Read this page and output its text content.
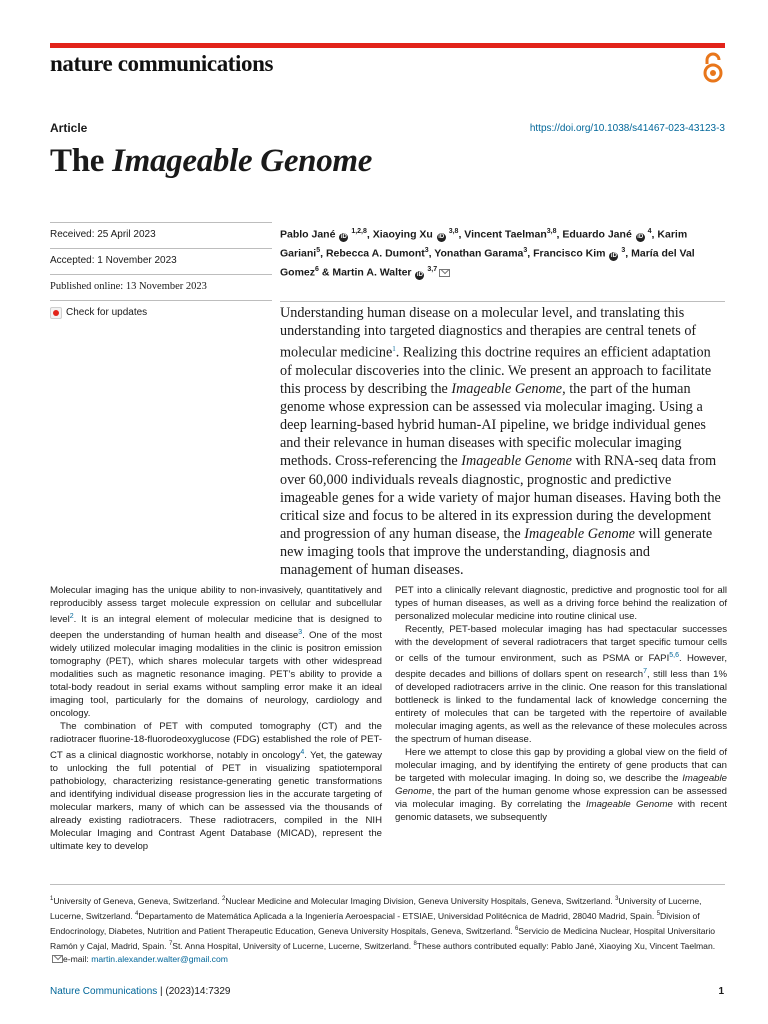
nature communications
Article	https://doi.org/10.1038/s41467-023-43123-3
The Imageable Genome
Received: 25 April 2023
Accepted: 1 November 2023
Published online: 13 November 2023
Check for updates
Pablo Jané iD $^{1,2,8}$, Xiaoying Xu iD $^{3,8}$, Vincent Taelman$^{3,8}$, Eduardo Jané iD $^4$, Karim Gariani$^5$, Rebecca A. Dumont$^3$, Yonathan Garama$^3$, Francisco Kim iD $^3$, María del Val Gomez$^6$ & Martin A. Walter iD $^{3,7}$

Understanding human disease on a molecular level, and translating this understanding into targeted diagnostics and therapies are central tenets of molecular medicine$^1$. Realizing this doctrine requires an efficient adaptation of molecular discoveries into the clinic. We present an approach to facilitate this process by describing the Imageable Genome, the part of the human genome whose expression can be assessed via molecular imaging. Using a deep learning-based hybrid human-AI pipeline, we bridge individual genes and their relevance in human diseases with specific molecular imaging methods. Cross-referencing the Imageable Genome with RNA-seq data from over 60,000 individuals reveals diagnostic, prognostic and predictive imageable genes for a wide variety of major human diseases. Having both the critical size and focus to be altered in its expression during the development and progression of any human disease, the Imageable Genome will generate new imaging tools that improve the understanding, diagnosis and management of human diseases.

Molecular imaging has the unique ability to non-invasively, quantitatively and reproducibly assess target molecule expression on cellular and subcellular level$^2$. It is an integral element of molecular medicine that is designed to deepen the understanding of human health and disease$^3$. One of the most widely utilized molecular imaging modalities in the clinic is positron emission tomography (PET), which shares molecular targets with other widespread modalities such as magnetic resonance imaging. PET’s ability to provide a total-body readout in serial exams without sampling error make it an ideal imaging tool, particularly for the domains of neurology, cardiology and oncology.

The combination of PET with computed tomography (CT) and the radiotracer fluorine-18-fluorodeoxyglucose (FDG) established the role of PET-CT as a clinical diagnostic workhorse, notably in oncology$^4$. Yet, the gateway to unlocking the full potential of PET in visualizing spatiotemporal pathobiology, characterizing resistance-generating genetic transformations and identifying individual disease progression lies in the accurate targeting of molecular markers, many of which can be assessed via the thousands of already existing radiotracers. These radiotracers, compiled in the NIH Molecular Imaging and Contrast Agent Database (MICAD), represent the ultimate key to develop

PET into a clinically relevant diagnostic, predictive and prognostic tool for all types of human diseases, as well as a driving force behind the realization of personalized molecular medicine into routine clinical use.

Recently, PET-based molecular imaging has had spectacular successes with the development of several radiotracers that target specific tumour cells or cells of the tumour environment, such as PSMA or FAPI$^{5,6}$. However, despite decades and billions of dollars spent on research$^7$, still less than 1% of developed radiotracers arrive in the clinic. One reason for this translational bottleneck is linked to the fundamental lack of knowledge concerning the entirety of molecules that can be targeted with the repertoire of available molecular imaging agents, as well as the relevance of these molecules across the spectrum of human disease.

Here we attempt to close this gap by providing a global view on the field of molecular imaging, and by identifying the entirety of gene products that can be targeted with molecular imaging. In doing so, we describe the Imageable Genome, the part of the human genome whose expression can be assessed via molecular imaging. By correlating the Imageable Genome with recent genomic datasets, we subsequently

$^1$University of Geneva, Geneva, Switzerland. $^2$Nuclear Medicine and Molecular Imaging Division, Geneva University Hospitals, Geneva, Switzerland. $^3$University of Lucerne, Lucerne, Switzerland. $^4$Departamento de Matemática Aplicada a la Ingeniería Aeroespacial - ETSIAE, Universidad Politécnica de Madrid, 28040 Madrid, Spain. $^5$Division of Endocrinology, Diabetes, Nutrition and Patient Therapeutic Education, Geneva University Hospitals, Geneva, Switzerland. $^6$Servicio de Medicina Nuclear, Hospital Universitario Ramón y Cajal, Madrid, Spain. $^7$St. Anna Hospital, University of Lucerne, Lucerne, Switzerland. $^8$These authors contributed equally: Pablo Jané, Xiaoying Xu, Vincent Taelman. e-mail: martin.alexander.walter@gmail.com

Nature Communications | (2023)14:7329	1
